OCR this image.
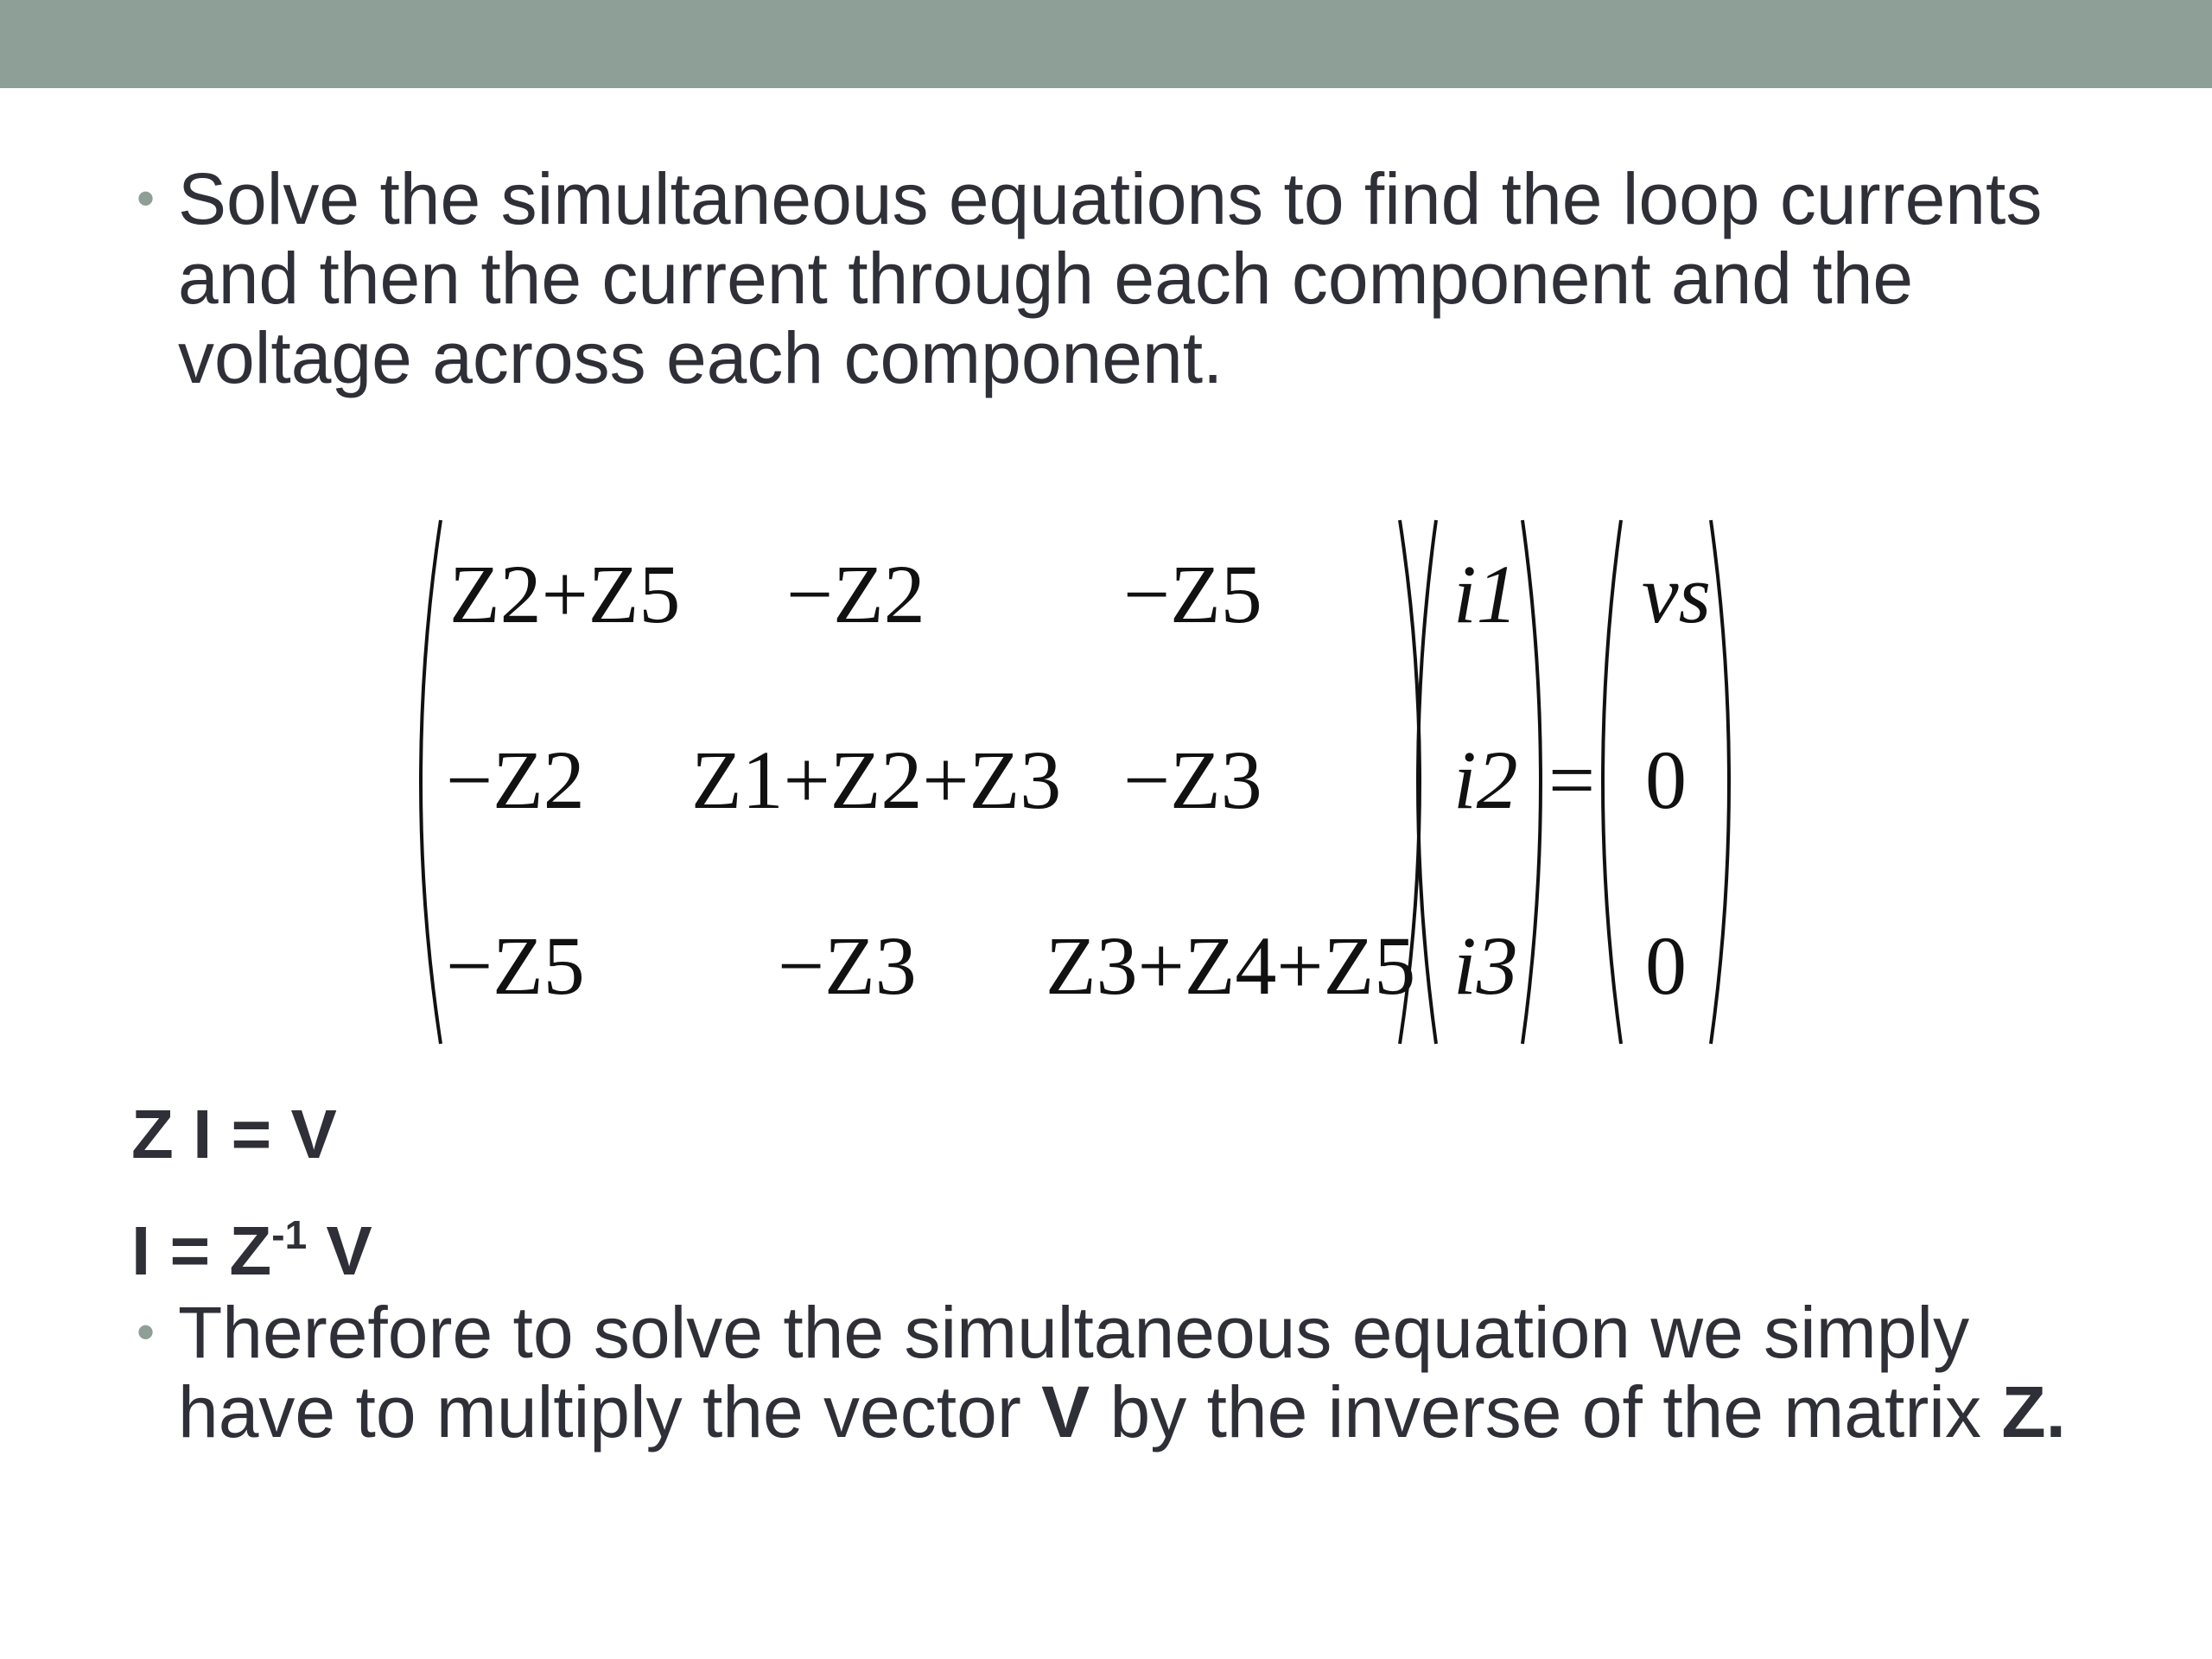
• Solve the simultaneous equations to find the loop currents and then the current through each component and the voltage across each component.
Z2+Z5 −Z2 −Z5
−Z2 Z1+Z2+Z3 −Z3
−Z5 −Z3 Z3+Z4+Z5
i1
i2
i3
=
vs
0
0
Z I = V
$I = Z^{-1}$ V
• Therefore to solve the simultaneous equation we simply have to multiply the vector V by the inverse of the matrix Z.
